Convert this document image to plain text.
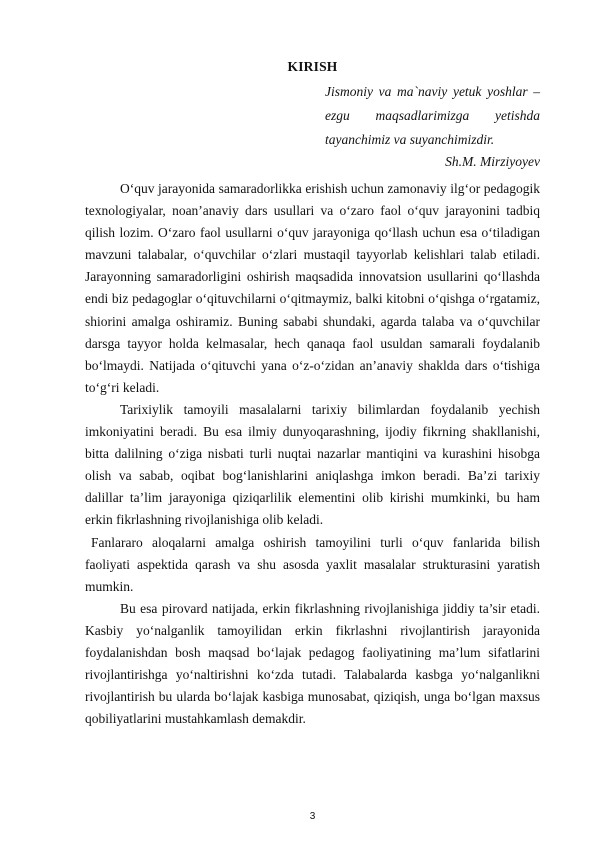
KIRISH
Jismoniy va ma`naviy yetuk yoshlar –
ezgu maqsadlarimizga yetishda
tayanchimiz va suyanchimizdir.
Sh.M. Mirziyoyev

O‘quv jarayonida samaradorlikka erishish uchun zamonaviy ilg‘or pedagogik texnologiyalar, noan’anaviy dars usullari va o‘zaro faol o‘quv jarayonini tadbiq qilish lozim. O‘zaro faol usullarni o‘quv jarayoniga qo‘llash uchun esa o‘tiladigan mavzuni talabalar, o‘quvchilar o‘zlari mustaqil tayyorlab kelishlari talab etiladi. Jarayonning samaradorligini oshirish maqsadida innovatsion usullarini qo‘llashda endi biz pedagoglar o‘qituvchilarni o‘qitmaymiz, balki kitobni o‘qishga o‘rgatamiz, shiorini amalga oshiramiz. Buning sababi shundaki, agarda talaba va o‘quvchilar darsga tayyor holda kelmasalar, hech qanaqa faol usuldan samarali foydalanib bo‘lmaydi. Natijada o‘qituvchi yana o‘z-o‘zidan an’anaviy shaklda dars o‘tishiga to‘g‘ri keladi.

Tarixiylik tamoyili masalalarni tarixiy bilimlardan foydalanib yechish imkoniyatini beradi. Bu esa ilmiy dunyoqarashning, ijodiy fikrning shakllanishi, bitta dalilning o‘ziga nisbati turli nuqtai nazarlar mantiqini va kurashini hisobga olish va sabab, oqibat bog‘lanishlarini aniqlashga imkon beradi. Ba’zi tarixiy dalillar ta’lim jarayoniga qiziqarlilik elementini olib kirishi mumkinki, bu ham erkin fikrlashning rivojlanishiga olib keladi.

Fanlararo aloqalarni amalga oshirish tamoyilini turli o‘quv fanlarida bilish faoliyati aspektida qarash va shu asosda yaxlit masalalar strukturasini yaratish mumkin.

Bu esa pirovard natijada, erkin fikrlashning rivojlanishiga jiddiy ta’sir etadi. Kasbiy yo‘nalganlik tamoyilidan erkin fikrlashni rivojlantirish jarayonida foydalanishdan bosh maqsad bo‘lajak pedagog faoliyatining ma’lum sifatlarini rivojlantirishga yo‘naltirishni ko‘zda tutadi. Talabalarda kasbga yo‘nalganlikni rivojlantirish bu ularda bo‘lajak kasbiga munosabat, qiziqish, unga bo‘lgan maxsus qobiliyatlarini mustahkamlash demakdir.

3
